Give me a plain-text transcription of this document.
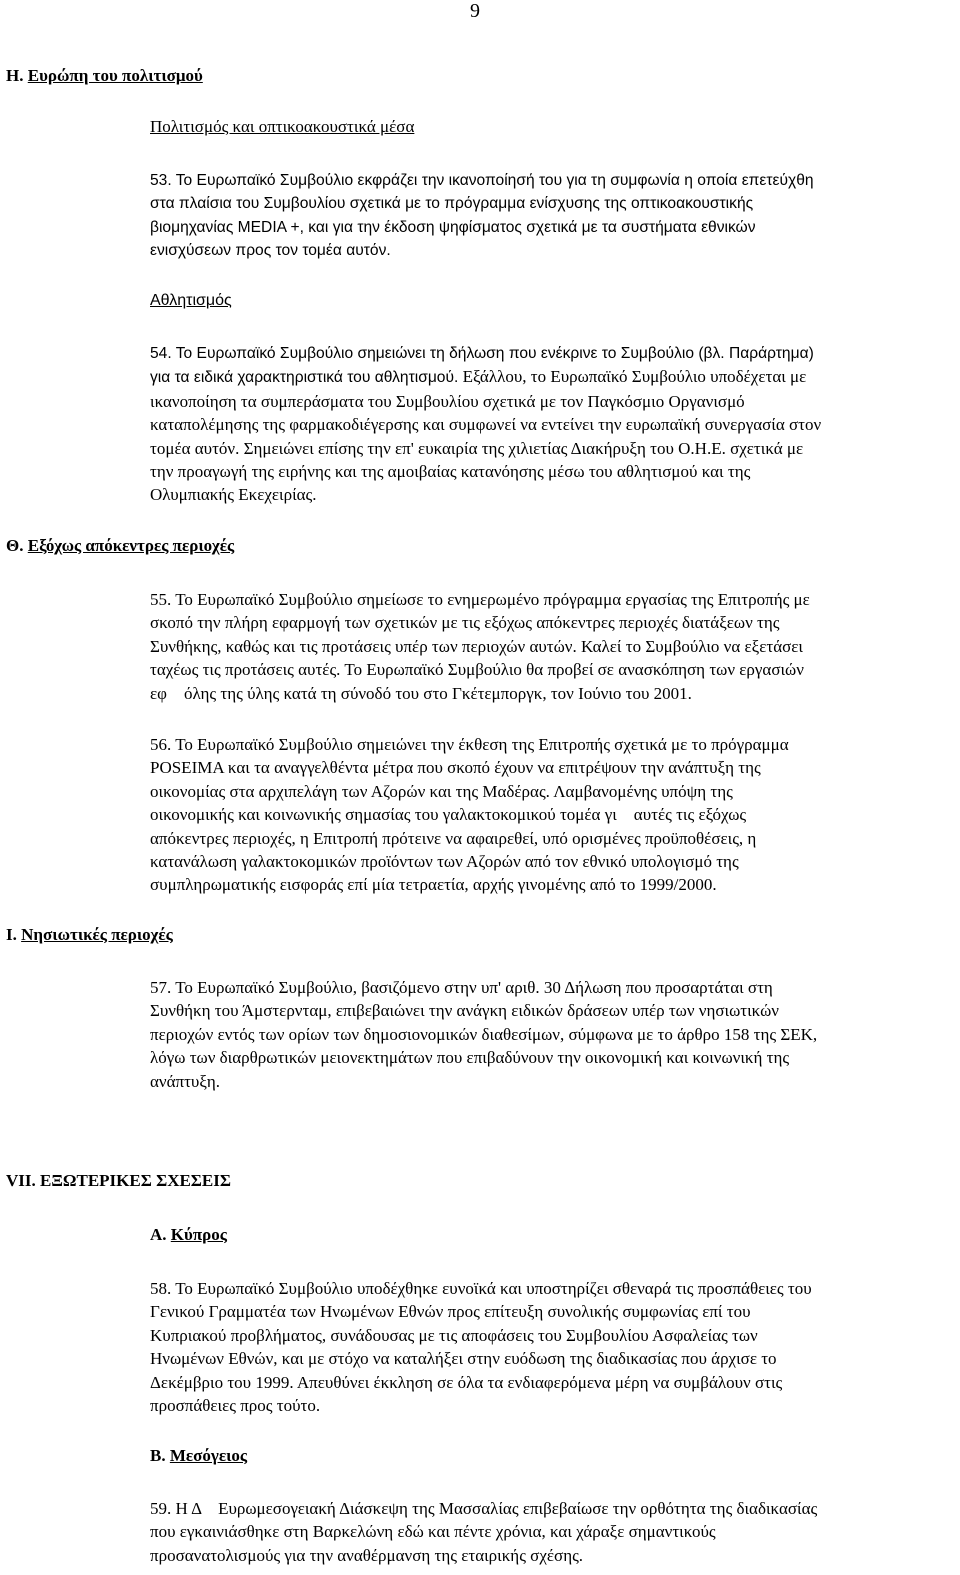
9
Η. Ευρώπη του πολιτισμού
Πολιτισμός και οπτικοακουστικά μέσα
53. Το Ευρωπαϊκό Συμβούλιο εκφράζει την ικανοποίησή του για τη συμφωνία η οποία επετεύχθη
στα πλαίσια του Συμβουλίου σχετικά με το πρόγραμμα ενίσχυσης της οπτικοακουστικής
βιομηχανίας MEDIA +, και για την έκδοση ψηφίσματος σχετικά με τα συστήματα εθνικών
ενισχύσεων προς τον τομέα αυτόν.
Αθλητισμός
54. Το Ευρωπαϊκό Συμβούλιο σημειώνει τη δήλωση που ενέκρινε το Συμβούλιο (βλ. Παράρτημα)
για τα ειδικά χαρακτηριστικά του αθλητισμού. Εξάλλου, το Ευρωπαϊκό Συμβούλιο υποδέχεται με
ικανοποίηση τα συμπεράσματα του Συμβουλίου σχετικά με τον Παγκόσμιο Οργανισμό
καταπολέμησης της φαρμακοδιέγερσης και συμφωνεί να εντείνει την ευρωπαϊκή συνεργασία στον
τομέα αυτόν. Σημειώνει επίσης την επ' ευκαιρία της χιλιετίας Διακήρυξη του Ο.Η.Ε. σχετικά με
την προαγωγή της ειρήνης και της αμοιβαίας κατανόησης μέσω του αθλητισμού και της
Ολυμπιακής Εκεχειρίας.
Θ. Εξόχως απόκεντρες περιοχές
55. Το Ευρωπαϊκό Συμβούλιο σημείωσε το ενημερωμένο πρόγραμμα εργασίας της Επιτροπής με
σκοπό την πλήρη εφαρμογή των σχετικών με τις εξόχως απόκεντρες περιοχές διατάξεων της
Συνθήκης, καθώς και τις προτάσεις υπέρ των περιοχών αυτών. Καλεί το Συμβούλιο να εξετάσει
ταχέως τις προτάσεις αυτές. Το Ευρωπαϊκό Συμβούλιο θα προβεί σε ανασκόπηση των εργασιών
εφ    όλης της ύλης κατά τη σύνοδό του στο Γκέτεμποργκ, τον Ιούνιο του 2001.
56. Το Ευρωπαϊκό Συμβούλιο σημειώνει την έκθεση της Επιτροπής σχετικά με το πρόγραμμα
POSEIMA και τα αναγγελθέντα μέτρα που σκοπό έχουν να επιτρέψουν την ανάπτυξη της
οικονομίας στα αρχιπελάγη των Αζορών και της Μαδέρας. Λαμβανομένης υπόψη της
οικονομικής και κοινωνικής σημασίας του γαλακτοκομικού τομέα γι    αυτές τις εξόχως
απόκεντρες περιοχές, η Επιτροπή πρότεινε να αφαιρεθεί, υπό ορισμένες προϋποθέσεις, η
κατανάλωση γαλακτοκομικών προϊόντων των Αζορών από τον εθνικό υπολογισμό της
συμπληρωματικής εισφοράς επί μία τετραετία, αρχής γινομένης από το 1999/2000.
Ι. Νησιωτικές περιοχές
57. Το Ευρωπαϊκό Συμβούλιο, βασιζόμενο στην υπ' αριθ. 30 Δήλωση που προσαρτάται στη
Συνθήκη του Άμστερνταμ, επιβεβαιώνει την ανάγκη ειδικών δράσεων υπέρ των νησιωτικών
περιοχών εντός των ορίων των δημοσιονομικών διαθεσίμων, σύμφωνα με το άρθρο 158 της ΣΕΚ,
λόγω των διαρθρωτικών μειονεκτημάτων που επιβαδύνουν την οικονομική και κοινωνική της
ανάπτυξη.
VII. ΕΞΩΤΕΡΙΚΕΣ ΣΧΕΣΕΙΣ
Α. Κύπρος
58. Το Ευρωπαϊκό Συμβούλιο υποδέχθηκε ευνοϊκά και υποστηρίζει σθεναρά τις προσπάθειες του
Γενικού Γραμματέα των Ηνωμένων Εθνών προς επίτευξη συνολικής συμφωνίας επί του
Κυπριακού προβλήματος, συνάδουσας με τις αποφάσεις του Συμβουλίου Ασφαλείας των
Ηνωμένων Εθνών, και με στόχο να καταλήξει στην ευόδωση της διαδικασίας που άρχισε το
Δεκέμβριο του 1999. Απευθύνει έκκληση σε όλα τα ενδιαφερόμενα μέρη να συμβάλουν στις
προσπάθειες προς τούτο.
Β. Μεσόγειος
59. Η Δ    Ευρωμεσογειακή Διάσκεψη της Μασσαλίας επιβεβαίωσε την ορθότητα της διαδικασίας
που εγκαινιάσθηκε στη Βαρκελώνη εδώ και πέντε χρόνια, και χάραξε σημαντικούς
προσανατολισμούς για την αναθέρμανση της εταιρικής σχέσης.
